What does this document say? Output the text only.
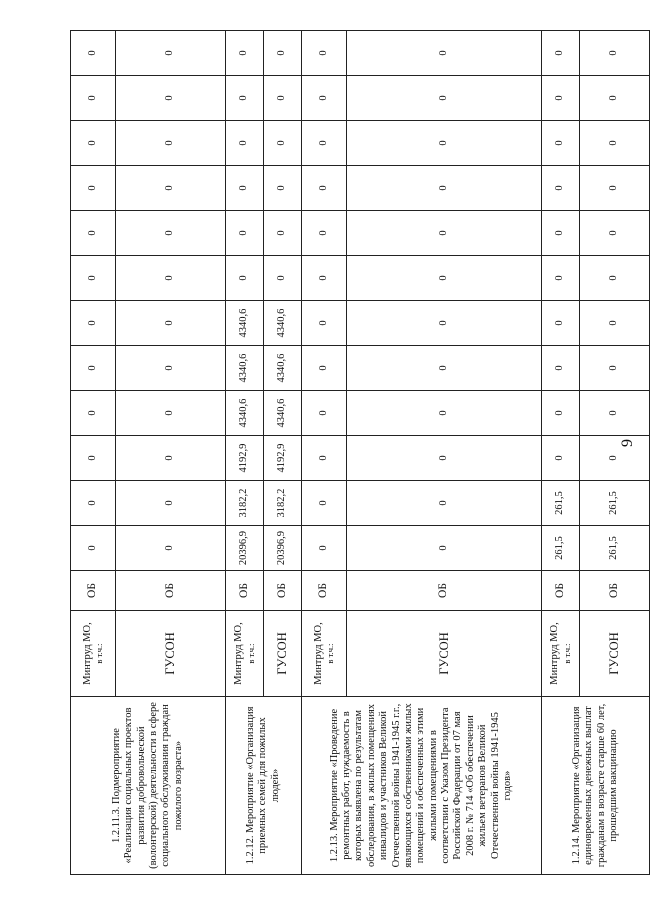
9
1.2.11.3. Подмероприятие «Реализация социальных проектов развития добровольческой (волонтерской) деятельности в сфере социального обслуживания граждан пожилого возраста»	Минтруд МО, в т.ч.:	ОБ	0	0	0	0	0	0	0	0	0	0	0	0
	ГУСОН	ОБ	0	0	0	0	0	0	0	0	0	0	0	0
1.2.12. Мероприятие «Организация приемных семей для пожилых людей»	Минтруд МО, в т.ч.:	ОБ	20396,9	3182,2	4192,9	4340,6	4340,6	4340,6	0	0	0	0	0	0
	ГУСОН	ОБ	20396,9	3182,2	4192,9	4340,6	4340,6	4340,6	0	0	0	0	0	0
1.2.13. Мероприятие «Проведение ремонтных работ, нуждаемость в которых выявлена по результатам обследования, в жилых помещениях инвалидов и участников Великой Отечественной войны 1941-1945 г.г., являющихся собственниками жилых помещений и обеспеченных этими жилыми помещениями в соответствии с Указом Президента Российской Федерации от 07 мая 2008 г. № 714 «Об обеспечении жильем ветеранов Великой Отечественной войны 1941-1945 годов»	Минтруд МО, в т.ч.:	ОБ	0	0	0	0	0	0	0	0	0	0	0	0
	ГУСОН	ОБ	0	0	0	0	0	0	0	0	0	0	0	0
1.2.14. Мероприятие «Организация единовременных денежных выплат гражданам в возрасте старше 60 лет, прошедшим вакцинацию	Минтруд МО, в т.ч.:	ОБ	261,5	261,5	0	0	0	0	0	0	0	0	0	0
	ГУСОН	ОБ	261,5	261,5	0	0	0	0	0	0	0	0	0	0
